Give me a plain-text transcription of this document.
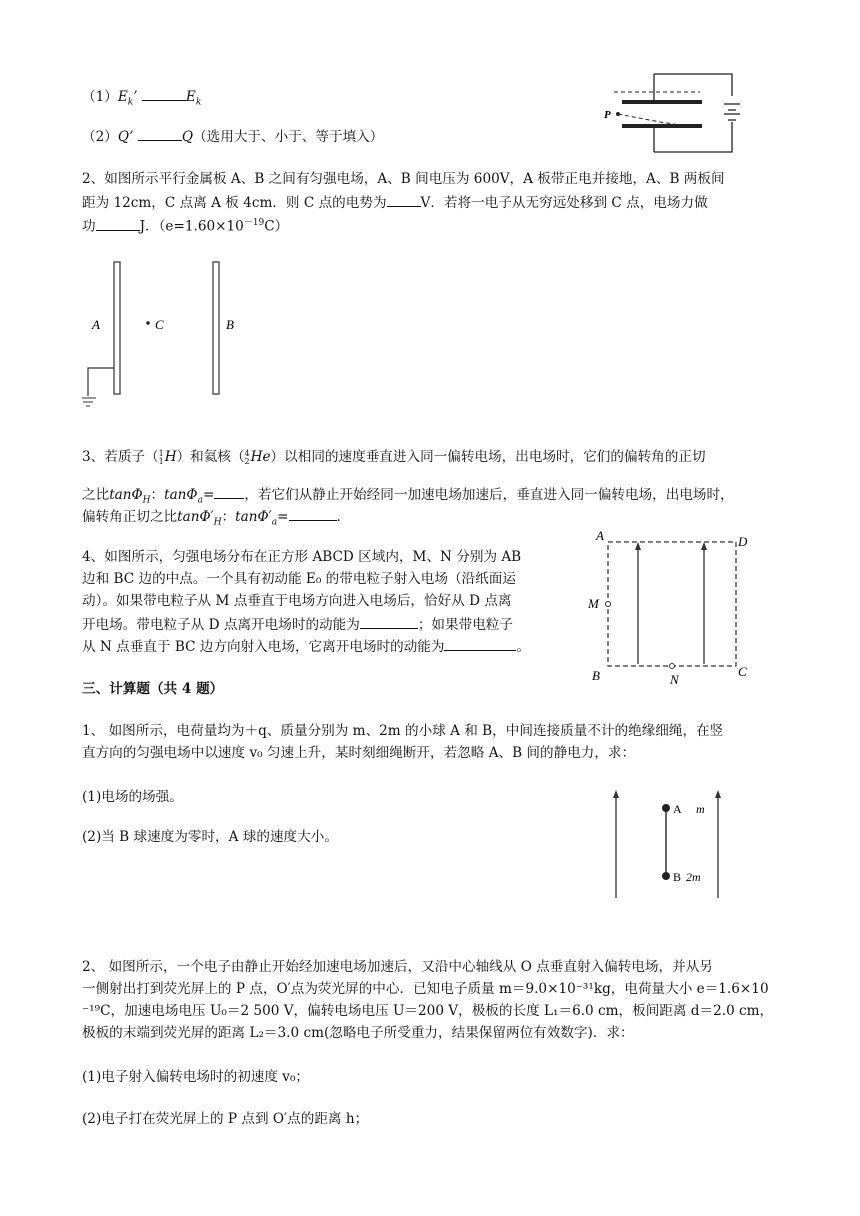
$(1)E_k$’	$E_k$
（2）Q’	Q（选用大于、小于、等于填入）
P
2、如图所示平行金属板 A、B 之间有匀强电场，A、B 间电压为 600V，A 板带正电并接地，A、B 两板间
距为 12cm，C 点离 A 板 4cm．则 C 点的电势为	V．若将一电子从无穷远处移到 C 点，电场力做
功	J．$(e=1.60\times 10^{-19}C)$
A	C	B
3、若质子（ 1
1 H）和氦核（ 4
2 He）以相同的速度垂直进入同一偏转电场，出电场时，它们的偏转角的正切
之比tanΦ$_H$：tanΦ$_a$= ，若它们从静止开始经同一加速电场加速后，垂直进入同一偏转电场，出电场时，
偏转角正切之比$\tan\Phi'_H$：$\tan\Phi'_a=$	.
4、如图所示，匀强电场分布在正方形 ABCD 区域内，M、N 分别为 AB
边和 BC 边的中点。一个具有初动能 E₀ 的带电粒子射入电场（沿纸面运
动）。如果带电粒子从 M 点垂直于电场方向进入电场后，恰好从 D 点离
开电场。带电粒子从 D 点离开电场时的动能为	；如果带电粒子
从 N 点垂直于 BC 边方向射入电场，它离开电场时的动能为	。
A	D
M
B	N
C
三、计算题（共 4 题）
1、 如图所示，电荷量均为＋q、质量分别为 m、2m 的小球 A 和 B，中间连接质量不计的绝缘细绳，在竖
直方向的匀强电场中以速度 v₀ 匀速上升，某时刻细绳断开，若忽略 A、B 间的静电力，求：
(1)电场的场强。
(2)当 B 球速度为零时，A 球的速度大小。
A m
B 2m
2、 如图所示，一个电子由静止开始经加速电场加速后，又沿中心轴线从 O 点垂直射入偏转电场，并从另
一侧射出打到荧光屏上的 P 点，O′点为荧光屏的中心．已知电子质量 m＝9.0×10⁻³¹kg，电荷量大小 e＝1.6×10
⁻¹⁹C，加速电场电压 U₀＝2 500 V，偏转电场电压 U＝200 V，极板的长度 L₁＝6.0 cm，板间距离 d＝2.0 cm，
极板的末端到荧光屏的距离 L₂＝3.0 cm(忽略电子所受重力，结果保留两位有效数字)．求：
(1)电子射入偏转电场时的初速度 v₀；
(2)电子打在荧光屏上的 P 点到 O′点的距离 h；
